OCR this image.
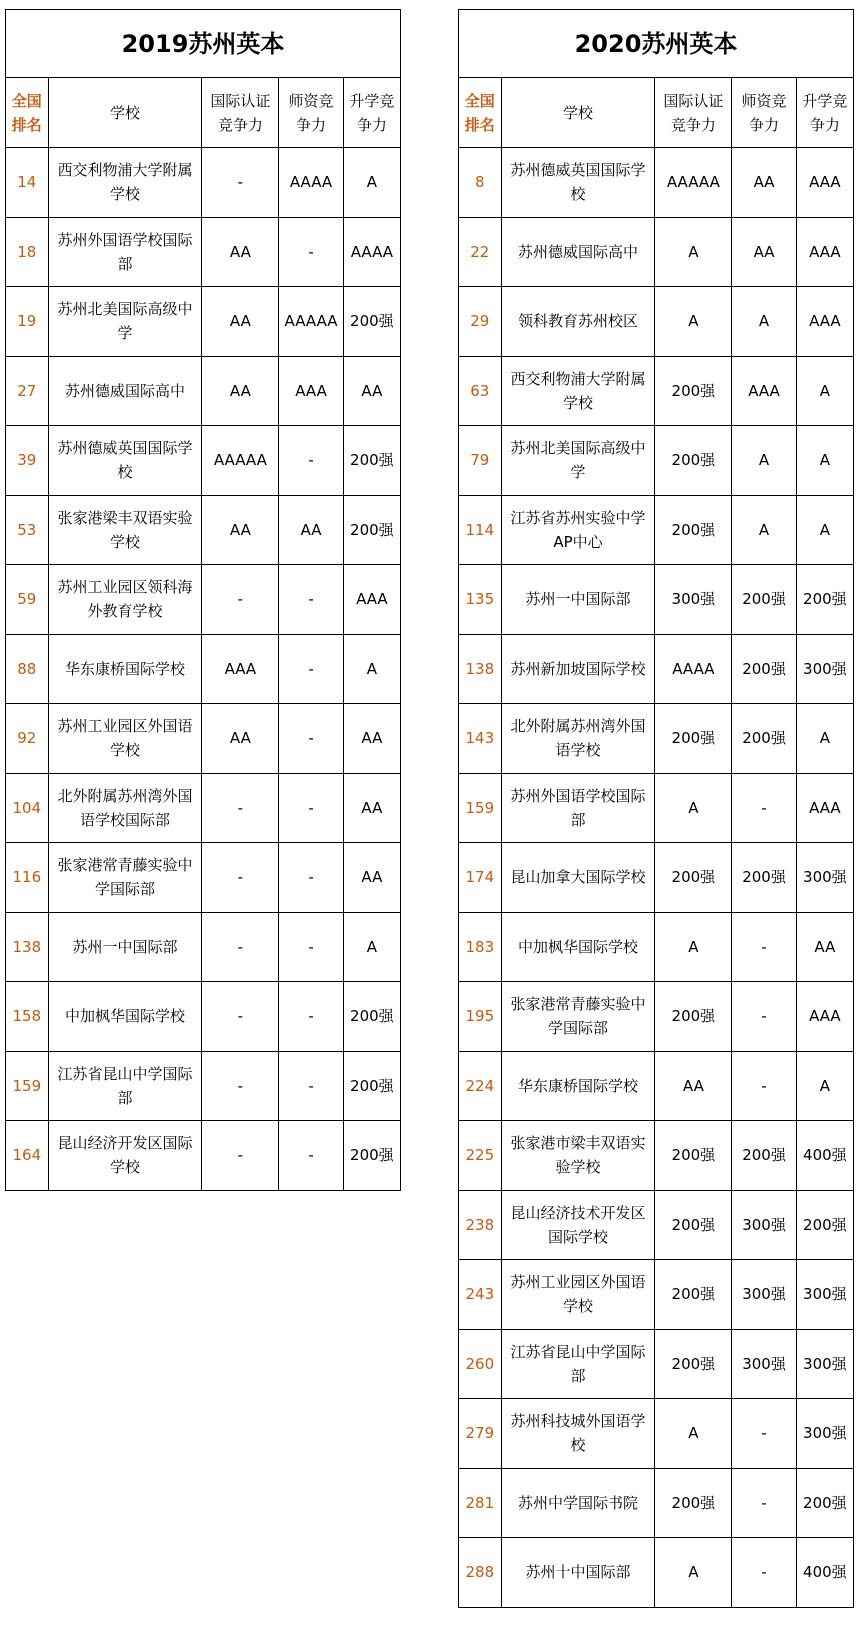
2019苏州英本				
全国排名	学校	国际认证竞争力	师资竞争力	升学竞争力
14	西交利物浦大学附属学校	-	AAAA	A
18	苏州外国语学校国际部	AA	-	AAAA
19	苏州北美国际高级中学	AA	AAAAA	200强
27	苏州德威国际高中	AA	AAA	AA
39	苏州德威英国国际学校	AAAAA	-	200强
53	张家港梁丰双语实验学校	AA	AA	200强
59	苏州工业园区领科海外教育学校	-	-	AAA
88	华东康桥国际学校	AAA	-	A
92	苏州工业园区外国语学校	AA	-	AA
104	北外附属苏州湾外国语学校国际部	-	-	AA
116	张家港常青藤实验中学国际部	-	-	AA
138	苏州一中国际部	-	-	A
158	中加枫华国际学校	-	-	200强
159	江苏省昆山中学国际部	-	-	200强
164	昆山经济开发区国际学校	-	-	200强
2020苏州英本				
全国排名	学校	国际认证竞争力	师资竞争力	升学竞争力
8	苏州德威英国国际学校	AAAAA	AA	AAA
22	苏州德威国际高中	A	AA	AAA
29	领科教育苏州校区	A	A	AAA
63	西交利物浦大学附属学校	200强	AAA	A
79	苏州北美国际高级中学	200强	A	A
114	江苏省苏州实验中学AP中心	200强	A	A
135	苏州一中国际部	300强	200强	200强
138	苏州新加坡国际学校	AAAA	200强	300强
143	北外附属苏州湾外国语学校	200强	200强	A
159	苏州外国语学校国际部	A	-	AAA
174	昆山加拿大国际学校	200强	200强	300强
183	中加枫华国际学校	A	-	AA
195	张家港常青藤实验中学国际部	200强	-	AAA
224	华东康桥国际学校	AA	-	A
225	张家港市梁丰双语实验学校	200强	200强	400强
238	昆山经济技术开发区国际学校	200强	300强	200强
243	苏州工业园区外国语学校	200强	300强	300强
260	江苏省昆山中学国际部	200强	300强	300强
279	苏州科技城外国语学校	A	-	300强
281	苏州中学国际书院	200强	-	200强
288	苏州十中国际部	A	-	400强
